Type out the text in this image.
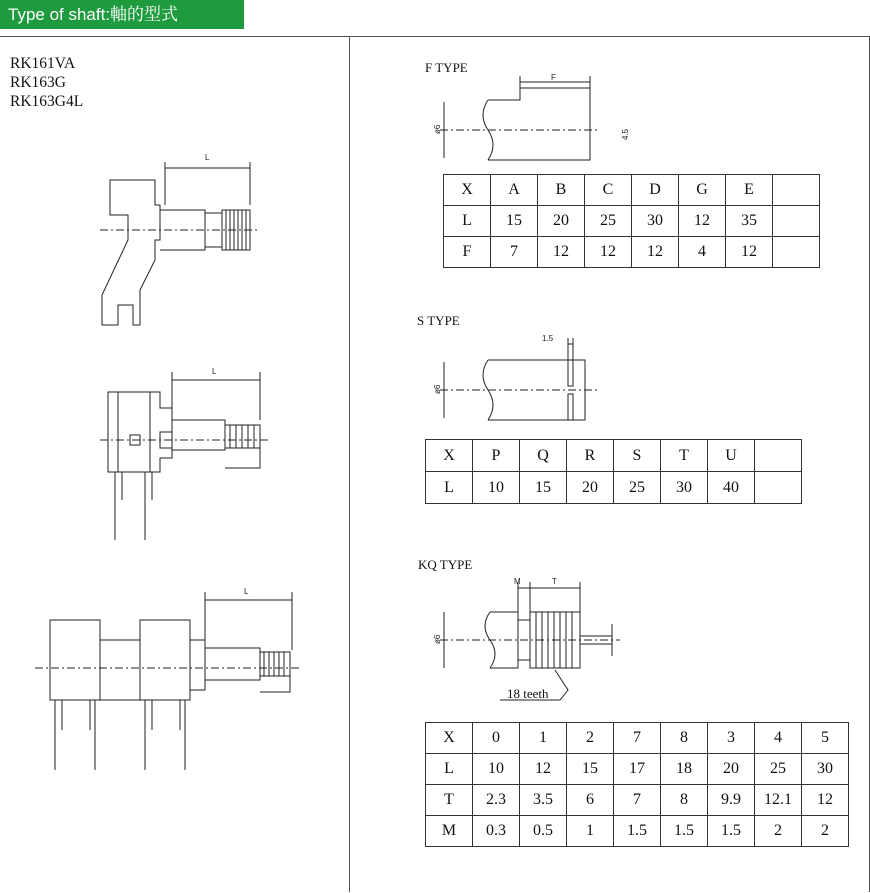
Type of shaft:軸的型式
RK161VA
RK163G
RK163G4L
L
L
L
F
ø6	4.5
1.5
ø6
M	T
ø6
F TYPE
X	A	B	C	D	G	E	
L	15	20	25	30	12	35	
F	7	12	12	12	4	12	
S TYPE
X	P	Q	R	S	T	U	
L	10	15	20	25	30	40	
KQ TYPE
18 teeth
X	0	1	2	7	8	3	4	5
L	10	12	15	17	18	20	25	30
T	2.3	3.5	6	7	8	9.9	12.1	12
M	0.3	0.5	1	1.5	1.5	1.5	2	2
